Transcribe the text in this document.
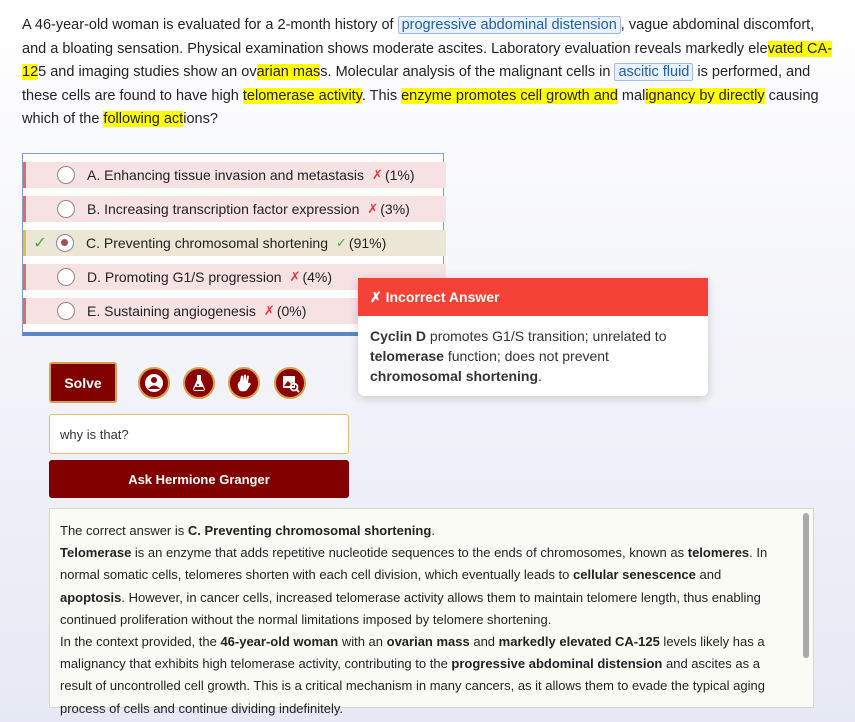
A 46-year-old woman is evaluated for a 2-month history of progressive abdominal distension , vague abdominal discomfort, and a bloating sensation. Physical examination shows moderate ascites. Laboratory evaluation reveals markedly elevated CA-125 and imaging studies show an ovarian mass. Molecular analysis of the malignant cells in ascitic fluid is performed, and these cells are found to have high telomerase activity. This enzyme promotes cell growth and malignancy by directly causing which of the following actions?
A. Enhancing tissue invasion and metastasis ✗ (1%)
B. Increasing transcription factor expression ✗ (3%)
✓	C. Preventing chromosomal shortening ✓ (91%)
D. Promoting G1/S progression ✗ (4%)
E. Sustaining angiogenesis ✗ (0%)
✗ Incorrect Answer
Cyclin D promotes G1/S transition; unrelated to telomerase function; does not prevent chromosomal shortening.
Solve
why is that?
Ask Hermione Granger

The correct answer is C. Preventing chromosomal shortening.

Telomerase is an enzyme that adds repetitive nucleotide sequences to the ends of chromosomes, known as telomeres. In normal somatic cells, telomeres shorten with each cell division, which eventually leads to cellular senescence and apoptosis. However, in cancer cells, increased telomerase activity allows them to maintain telomere length, thus enabling continued proliferation without the normal limitations imposed by telomere shortening.

In the context provided, the 46-year-old woman with an ovarian mass and markedly elevated CA-125 levels likely has a malignancy that exhibits high telomerase activity, contributing to the progressive abdominal distension and ascites as a result of uncontrolled cell growth. This is a critical mechanism in many cancers, as it allows them to evade the typical aging process of cells and continue dividing indefinitely.
